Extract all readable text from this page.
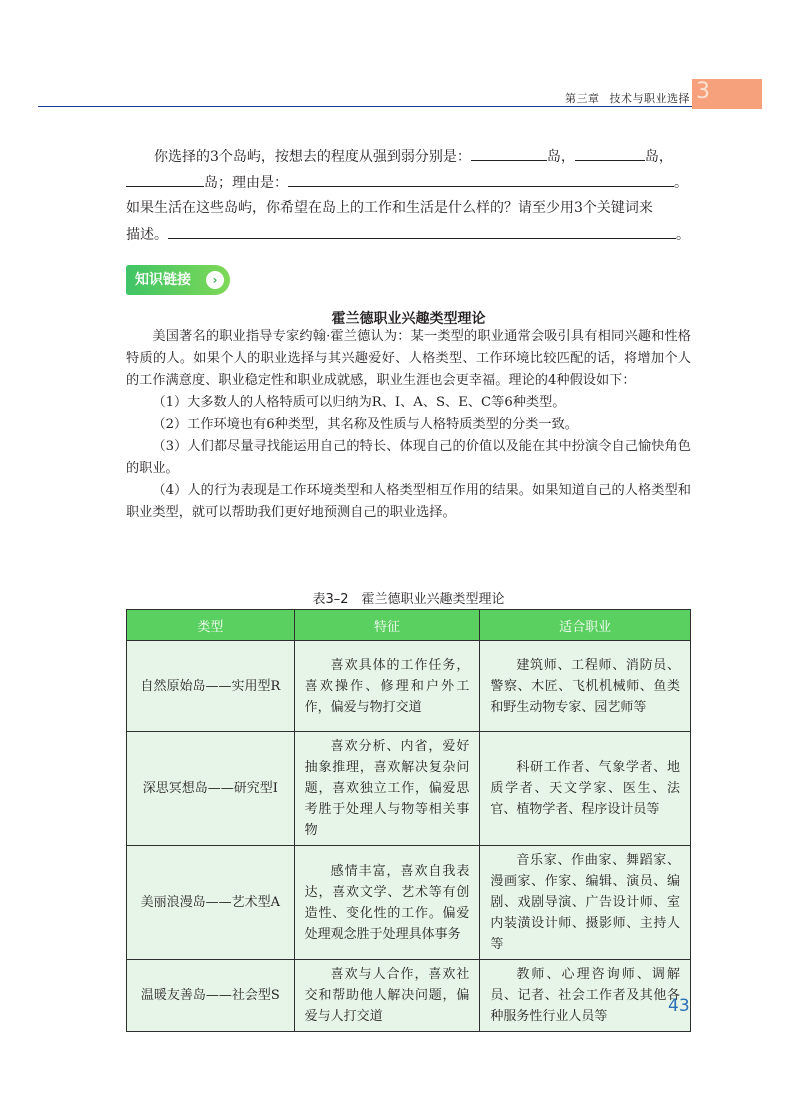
第三章 技术与职业选择 3
你选择的3个岛屿，按想去的程度从强到弱分别是：	岛，	岛，
岛；理由是：	。
如果生活在这些岛屿，你希望在岛上的工作和生活是什么样的？请至少用3个关键词来
描述。	。
知识链接	›
霍兰德职业兴趣类型理论

美国著名的职业指导专家约翰·霍兰德认为：某一类型的职业通常会吸引具有相同兴趣和性格特质的人。如果个人的职业选择与其兴趣爱好、人格类型、工作环境比较匹配的话，将增加个人的工作满意度、职业稳定性和职业成就感，职业生涯也会更幸福。理论的4种假设如下：

（1）大多数人的人格特质可以归纳为R、I、A、S、E、C等6种类型。

（2）工作环境也有6种类型，其名称及性质与人格特质类型的分类一致。

（3）人们都尽量寻找能运用自己的特长、体现自己的价值以及能在其中扮演令自己愉快角色的职业。

（4）人的行为表现是工作环境类型和人格类型相互作用的结果。如果知道自己的人格类型和职业类型，就可以帮助我们更好地预测自己的职业选择。

表3–2　霍兰德职业兴趣类型理论
类型	特征	适合职业
自然原始岛——实用型R	喜欢具体的工作任务，喜欢操作、修理和户外工作，偏爱与物打交道	建筑师、工程师、消防员、警察、木匠、飞机机械师、鱼类和野生动物专家、园艺师等
深思冥想岛——研究型I	喜欢分析、内省，爱好抽象推理，喜欢解决复杂问题，喜欢独立工作，偏爱思考胜于处理人与物等相关事物	科研工作者、气象学者、地质学者、天文学家、医生、法官、植物学者、程序设计员等
美丽浪漫岛——艺术型A	感情丰富，喜欢自我表达，喜欢文学、艺术等有创造性、变化性的工作。偏爱处理观念胜于处理具体事务	音乐家、作曲家、舞蹈家、漫画家、作家、编辑、演员、编剧、戏剧导演、广告设计师、室内装潢设计师、摄影师、主持人等
温暖友善岛——社会型S	喜欢与人合作，喜欢社交和帮助他人解决问题，偏爱与人打交道	教师、心理咨询师、调解员、记者、社会工作者及其他各种服务性行业人员等
43
